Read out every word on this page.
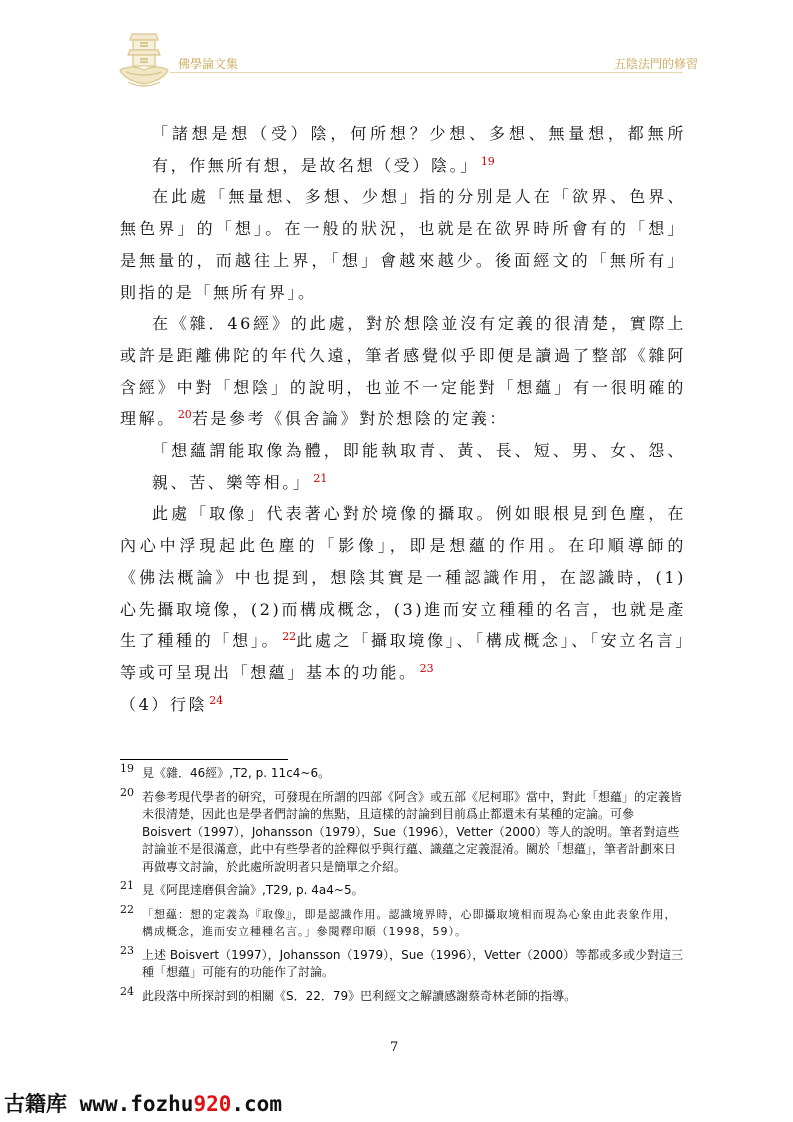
佛學論文集	五陰法門的修習

「諸想是想（受）陰，何所想？少想、多想、無量想，都無所有，作無所有想，是故名想（受）陰。」 $^{19}$

在此處「無量想、多想、少想」指的分別是人在「欲界、色界、無色界」的「想」。在一般的狀況，也就是在欲界時所會有的「想」是無量的，而越往上界，「想」會越來越少。後面經文的「無所有」則指的是「無所有界」。

在《雜．46經》的此處，對於想陰並沒有定義的很清楚，實際上或許是距離佛陀的年代久遠，筆者感覺似乎即便是讀過了整部《雜阿含經》中對「想陰」的說明，也並不一定能對「想蘊」有一很明確的理解。 $^{20}$若是參考《俱舍論》對於想陰的定義：

「想蘊謂能取像為體，即能執取青、黃、長、短、男、女、怨、親、苦、樂等相。」 $^{21}$

此處「取像」代表著心對於境像的攝取。例如眼根見到色塵，在內心中浮現起此色塵的「影像」，即是想蘊的作用。在印順導師的《佛法概論》中也提到，想陰其實是一種認識作用，在認識時，(1)心先攝取境像，(2)而構成概念，(3)進而安立種種的名言，也就是產生了種種的「想」。 $^{22}$此處之「攝取境像」、「構成概念」、「安立名言」等或可呈現出「想蘊」基本的功能。 $^{23}$

（4）行陰 $^{24}$

19 見《雜．46經》,T2, p. 11c4~6。
20 若參考現代學者的研究，可發現在所謂的四部《阿含》或五部《尼柯耶》當中，對此「想蘊」的定義皆未很清楚，因此也是學者們討論的焦點，且這樣的討論到目前爲止都還未有某種的定論。可參 Boisvert（1997），Johansson（1979），Sue（1996），Vetter（2000）等人的說明。筆者對這些討論並不是很滿意，此中有些學者的詮釋似乎與行蘊、識蘊之定義混淆。關於「想蘊」，筆者計劃來日再做專文討論，於此處所說明者只是簡單之介紹。
21 見《阿毘達磨俱舍論》,T29, p. 4a4~5。
22 「想蘊：想的定義為『取像』，即是認識作用。認識境界時，心即攝取境相而現為心象由此表象作用，構成概念，進而安立種種名言。」參閱釋印順（1998，59）。
23 上述 Boisvert（1997），Johansson（1979），Sue（1996），Vetter（2000）等都或多或少對這三種「想蘊」可能有的功能作了討論。
24 此段落中所探討到的相關《S．22．79》巴利經文之解讀感謝蔡奇林老師的指導。
7
古籍库 www.fozhu920.com
